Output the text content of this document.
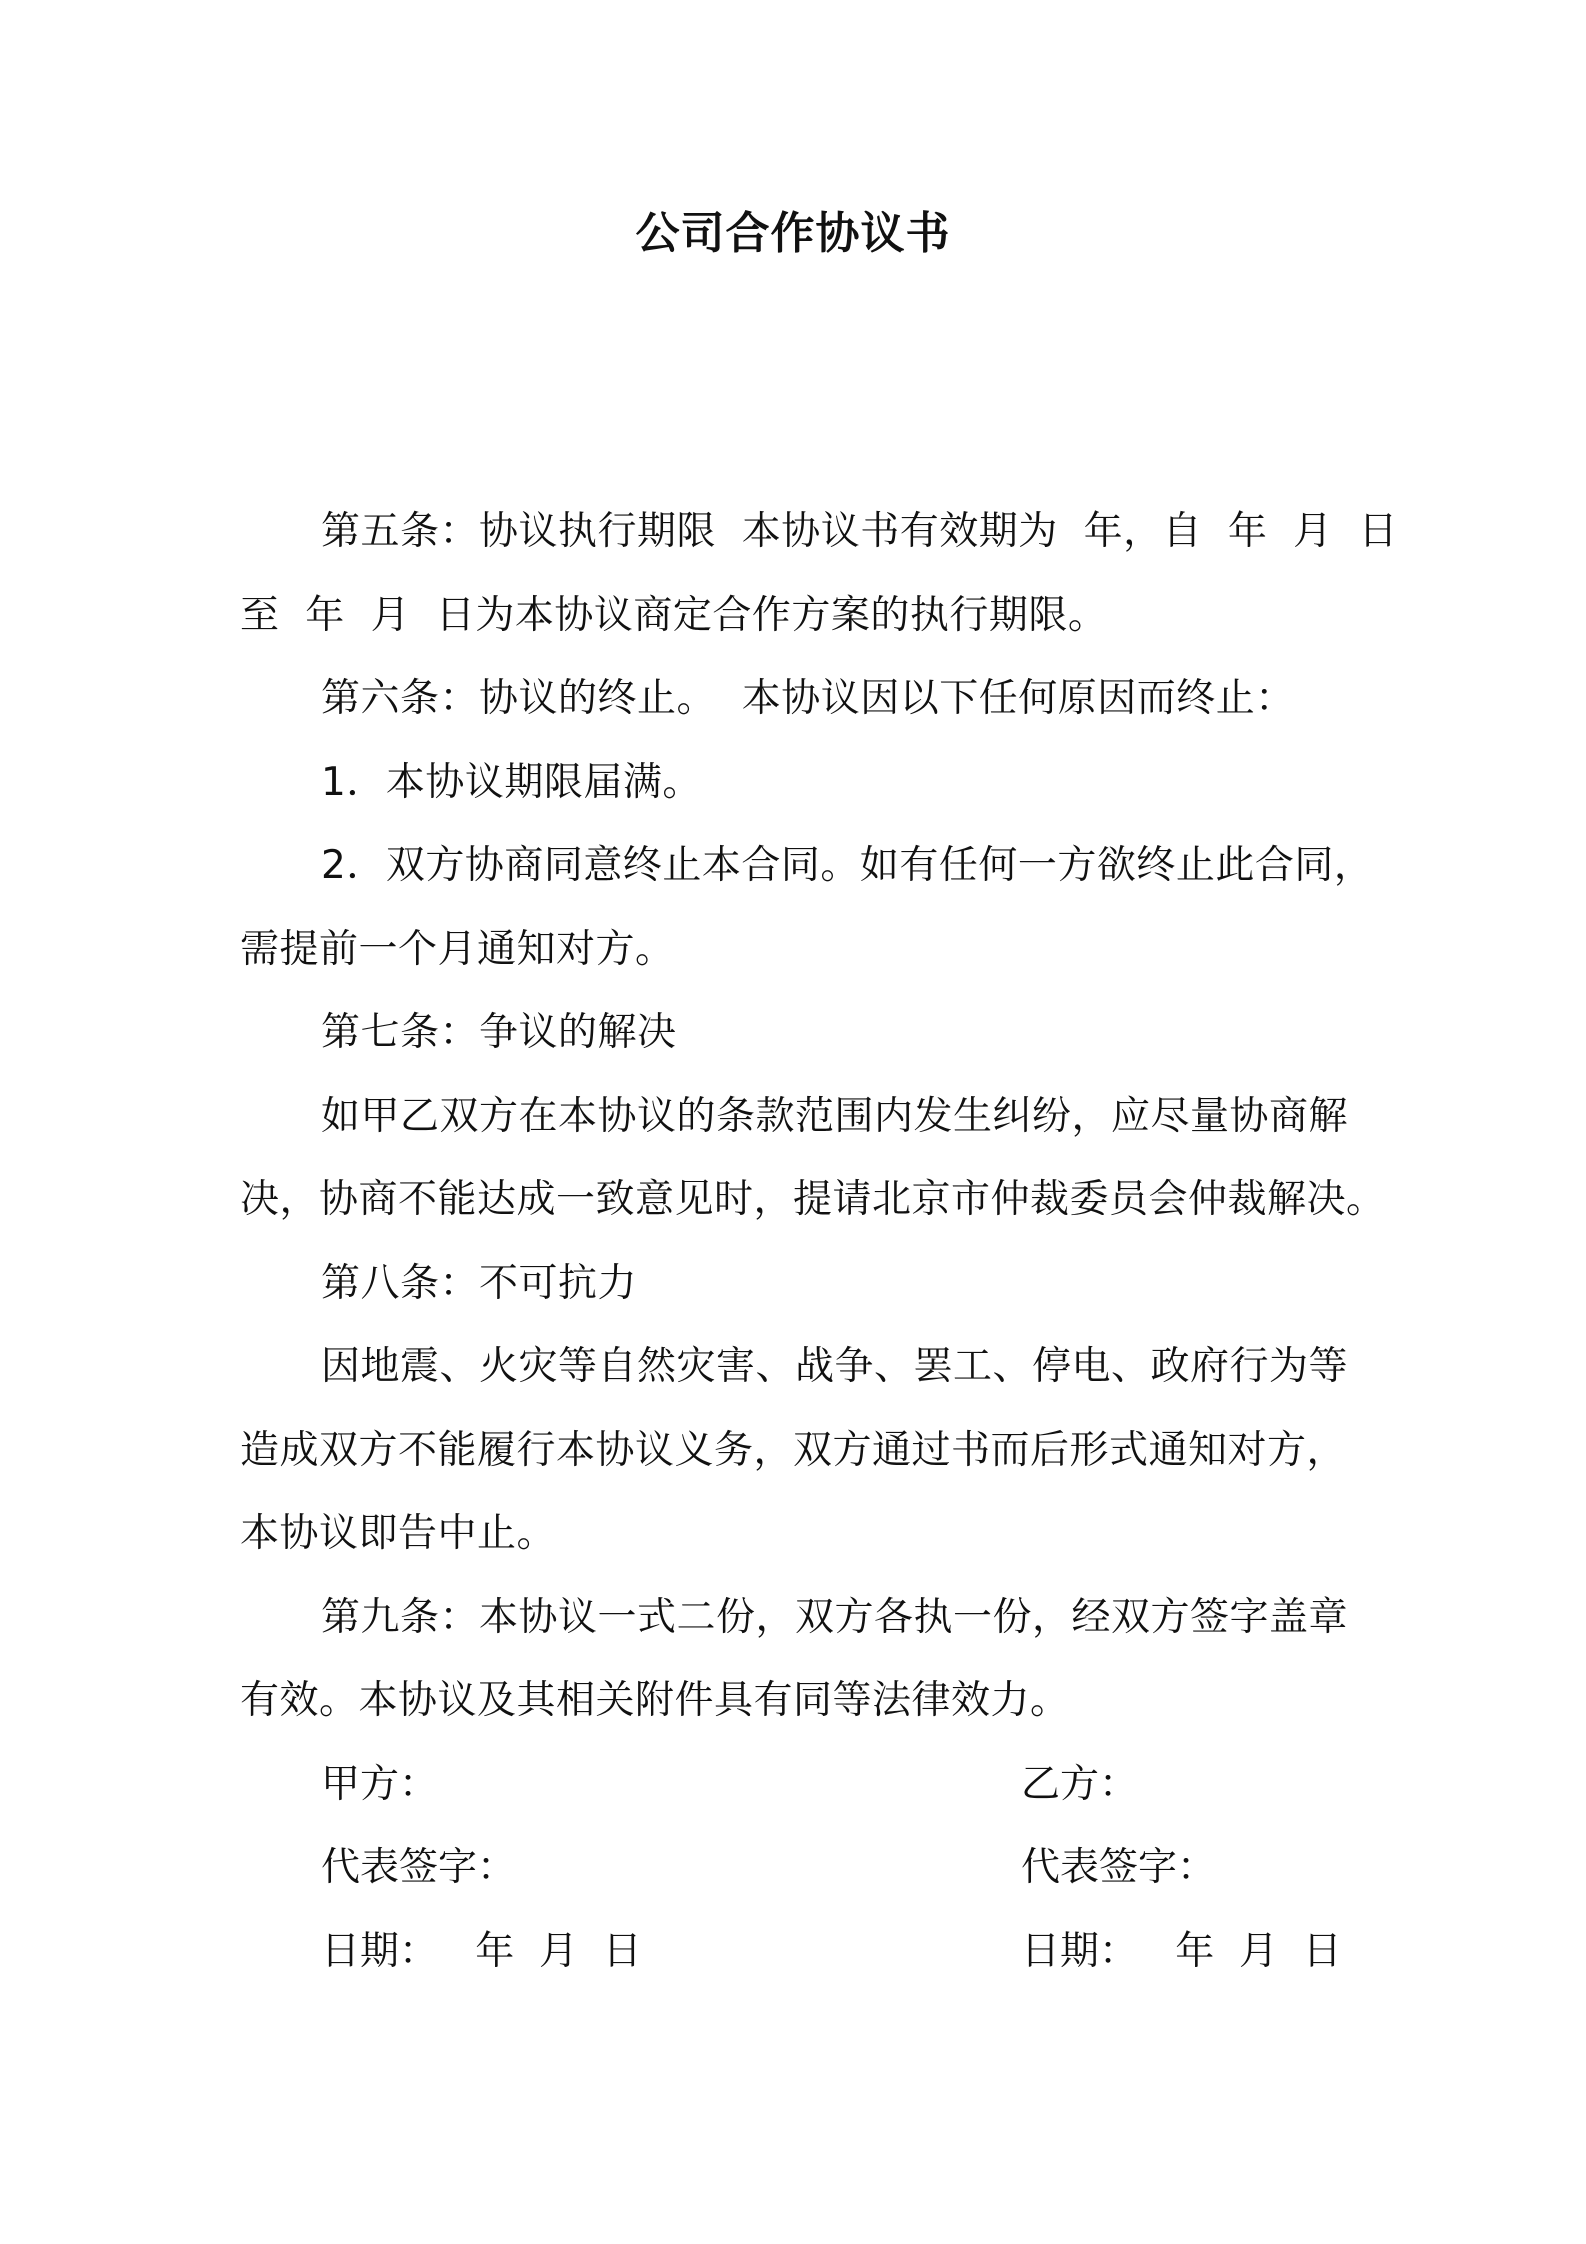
公司合作协议书
第五条：协议执行期限  本协议书有效期为  年，自  年  月  日
至  年  月  日为本协议商定合作方案的执行期限。
第六条：协议的终止。  本协议因以下任何原因而终止：
1．本协议期限届满。
2．双方协商同意终止本合同。如有任何一方欲终止此合同，
需提前一个月通知对方。
第七条：争议的解决
如甲乙双方在本协议的条款范围内发生纠纷，应尽量协商解
决，协商不能达成一致意见时，提请北京市仲裁委员会仲裁解决。
第八条：不可抗力
因地震、火灾等自然灾害、战争、罢工、停电、政府行为等
造成双方不能履行本协议义务，双方通过书而后形式通知对方，
本协议即告中止。
第九条：本协议一式二份，双方各执一份，经双方签字盖章
有效。本协议及其相关附件具有同等法律效力。
甲方：	乙方：
代表签字：	代表签字：
日期：   年  月  日	日期：   年  月  日
